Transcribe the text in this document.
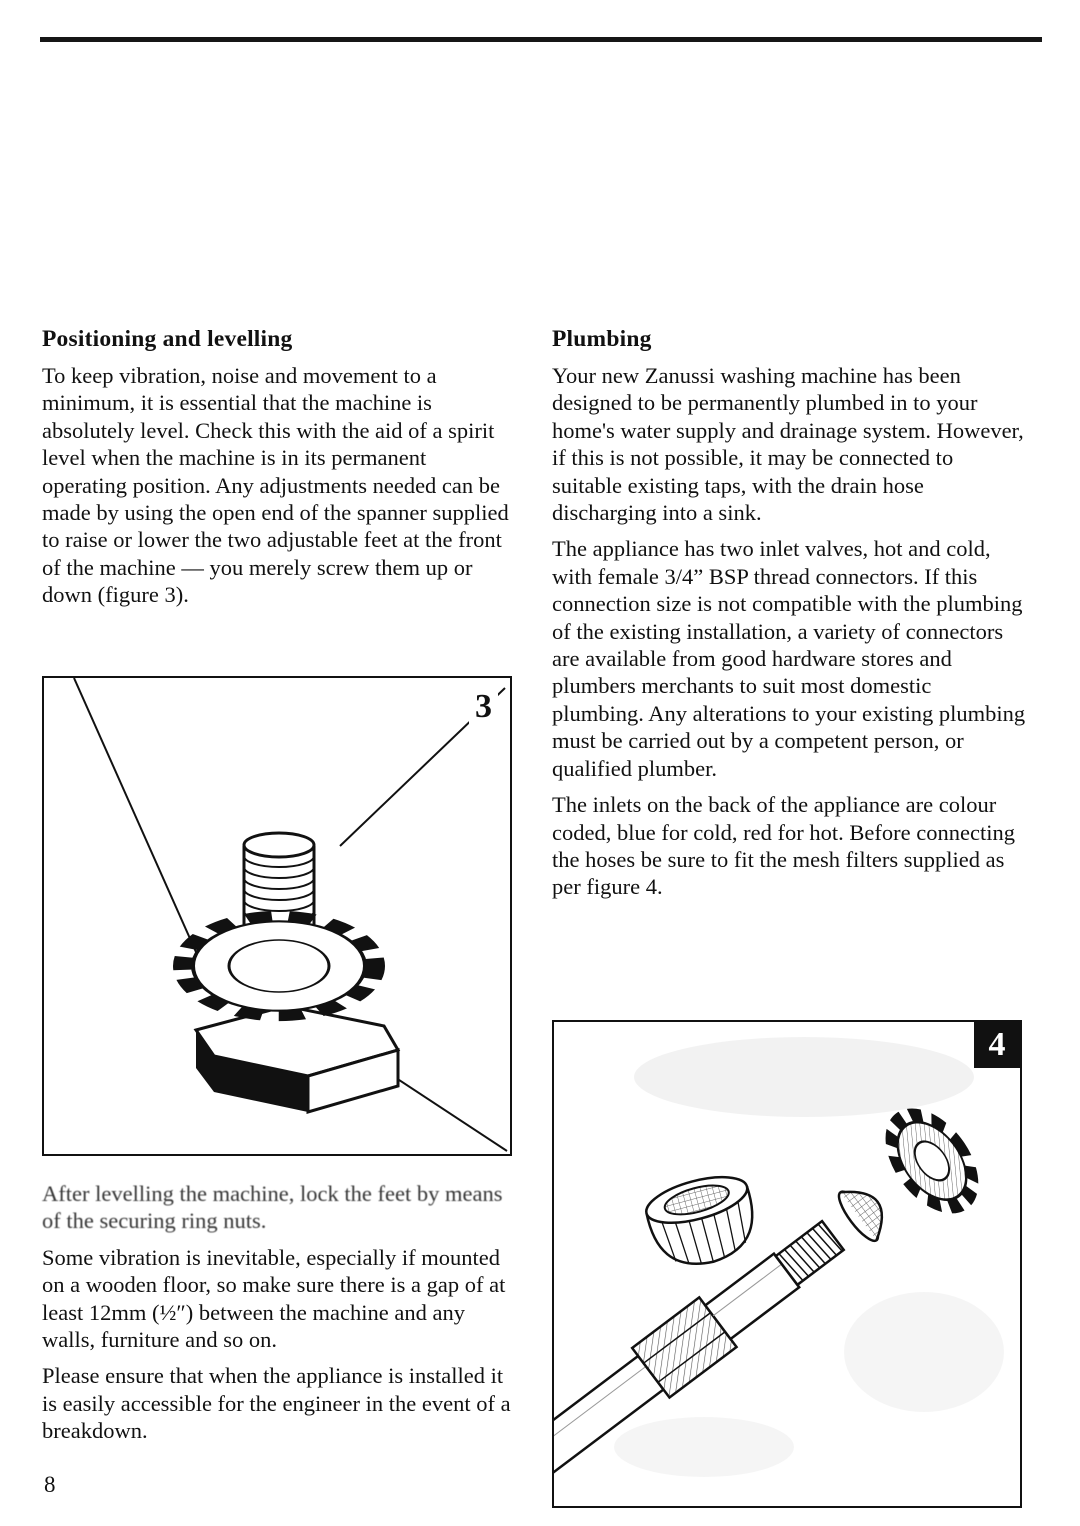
Positioning and levelling

To keep vibration, noise and movement to a minimum, it is essential that the machine is absolutely level. Check this with the aid of a spirit level when the machine is in its permanent operating position. Any adjustments needed can be made by using the open end of the spanner supplied to raise or lower the two adjustable feet at the front of the machine — you merely screw them up or down (figure 3).

3

After levelling the machine, lock the feet by means of the securing ring nuts.

Some vibration is inevitable, especially if mounted on a wooden floor, so make sure there is a gap of at least 12mm (½″) between the machine and any walls, furniture and so on.

Please ensure that when the appliance is installed it is easily accessible for the engineer in the event of a breakdown.

Plumbing

Your new Zanussi washing machine has been designed to be permanently plumbed in to your home's water supply and drainage system. However, if this is not possible, it may be connected to suitable existing taps, with the drain hose discharging into a sink.

The appliance has two inlet valves, hot and cold, with female 3/4” BSP thread connectors. If this connection size is not compatible with the plumbing of the existing installation, a variety of connectors are available from good hardware stores and plumbers merchants to suit most domestic plumbing. Any alterations to your existing plumbing must be carried out by a competent person, or qualified plumber.

The inlets on the back of the appliance are colour coded, blue for cold, red for hot. Before connecting the hoses be sure to fit the mesh filters supplied as per figure 4.

4
8
